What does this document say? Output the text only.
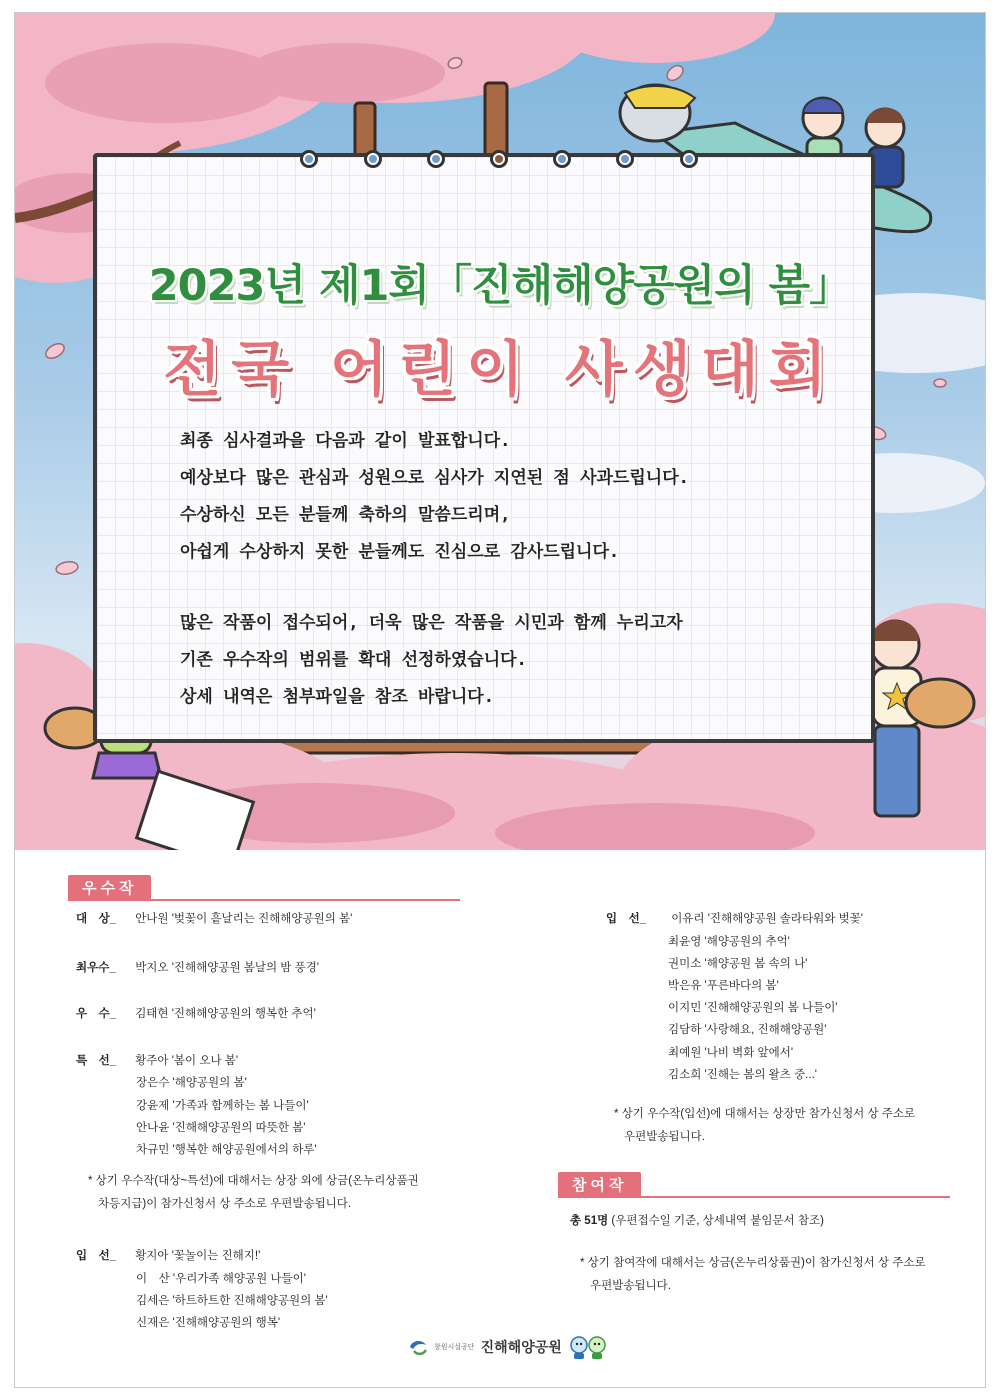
2023년 제1회「진해해양공원의 봄」
전국 어린이 사생대회

최종 심사결과을 다음과 같이 발표합니다.

예상보다 많은 관심과 성원으로 심사가 지연된 점 사과드립니다.

수상하신 모든 분들께 축하의 말씀드리며,

아쉽게 수상하지 못한 분들께도 진심으로 감사드립니다.

많은 작품이 접수되어, 더욱 많은 작품을 시민과 함께 누리고자

기존 우수작의 범위를 확대 선정하였습니다.

상세 내역은 첨부파일을 참조 바랍니다.

우수작
대　상_ 안나원 '벚꽃이 흩날리는 진해해양공원의 봄'
최우수_ 박지오 '진해해양공원 봄날의 밤 풍경'
우　수_ 김태현 '진해해양공원의 행복한 추억'
특　선_ 황주아 '봄이 오나 봄'
장은수 '해양공원의 봄'
강윤제 '가족과 함께하는 봄 나들이'
안나윤 '진해해양공원의 따뜻한 봄'
차규민 '행복한 해양공원에서의 하루'
* 상기 우수작(대상~특선)에 대해서는 상장 외에 상금(온누리상품권
차등지급)이 참가신청서 상 주소로 우편발송됩니다.
입　선_ 황지아 '꽃놀이는 진해지!'
이　산 '우리가족 해양공원 나들이'
김세은 '하트하트한 진해해양공원의 봄'
신재은 '진해해양공원의 행복'
입　선_ 이유리 '진해해양공원 솔라타워와 벚꽃'
최윤영 '해양공원의 추억'
권미소 '해양공원 봄 속의 나'
박은유 '푸른바다의 봄'
이지민 '진해해양공원의 봄 나들이'
김담하 '사랑해요, 진해해양공원'
최예원 '나비 벽화 앞에서'
김소희 '진해는 봄의 왈츠 중...'
* 상기 우수작(입선)에 대해서는 상장만 참가신청서 상 주소로
우편발송됩니다.
참여작
총 51명 (우편접수일 기준, 상세내역 붙임문서 참조)
* 상기 참여작에 대해서는 상금(온누리상품권)이 참가신청서 상 주소로
우편발송됩니다.
창원시설공단 진해해양공원
